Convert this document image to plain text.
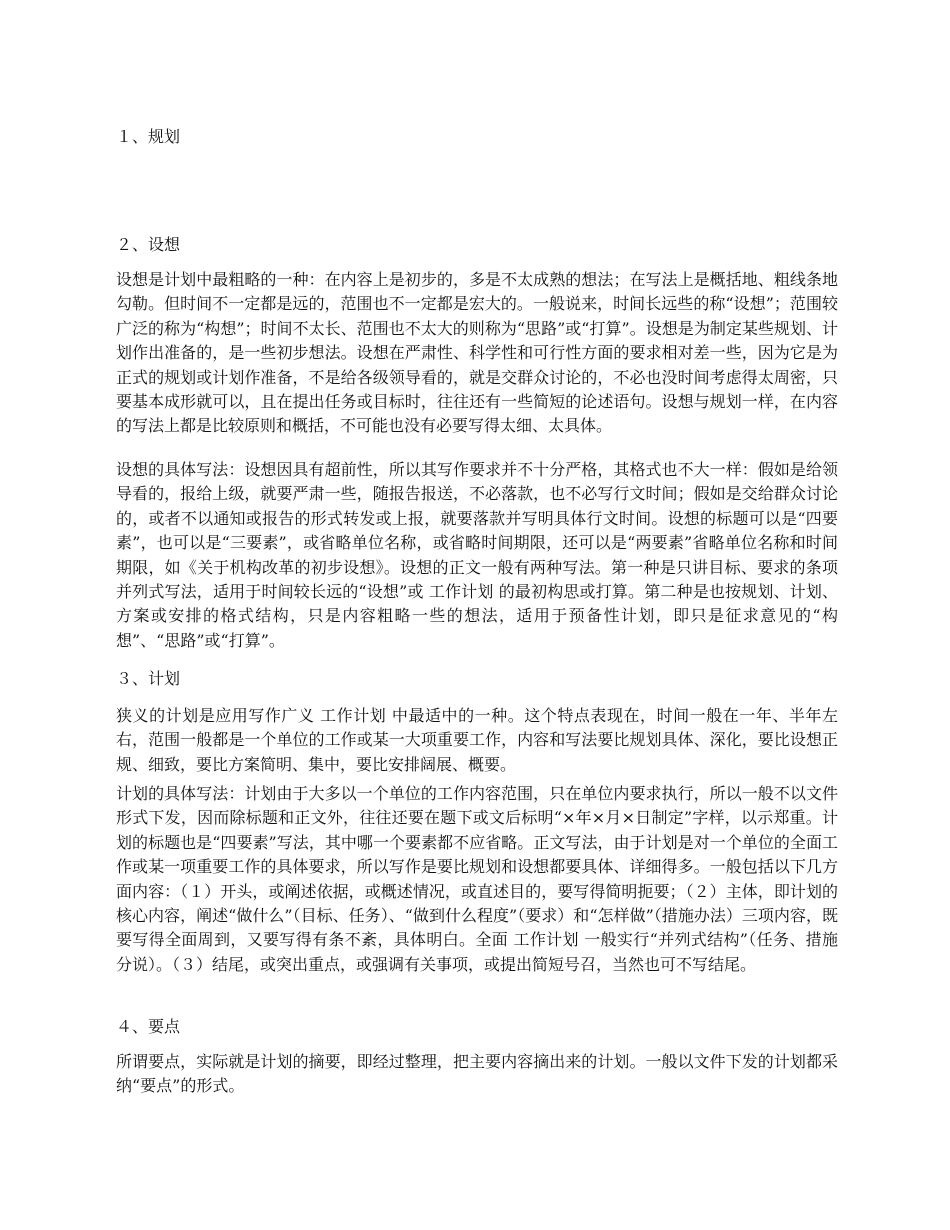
１、规划
２、设想

设想是计划中最粗略的一种：在内容上是初步的，多是不太成熟的想法；在写法上是概括地、粗线条地勾勒。但时间不一定都是远的，范围也不一定都是宏大的。一般说来，时间长远些的称“设想”；范围较广泛的称为“构想”；时间不太长、范围也不太大的则称为“思路”或“打算”。设想是为制定某些规划、计划作出准备的，是一些初步想法。设想在严肃性、科学性和可行性方面的要求相对差一些，因为它是为正式的规划或计划作准备，不是给各级领导看的，就是交群众讨论的，不必也没时间考虑得太周密，只要基本成形就可以，且在提出任务或目标时，往往还有一些简短的论述语句。设想与规划一样，在内容的写法上都是比较原则和概括，不可能也没有必要写得太细、太具体。

设想的具体写法：设想因具有超前性，所以其写作要求并不十分严格，其格式也不大一样：假如是给领导看的，报给上级，就要严肃一些，随报告报送，不必落款，也不必写行文时间；假如是交给群众讨论的，或者不以通知或报告的形式转发或上报，就要落款并写明具体行文时间。设想的标题可以是“四要素”，也可以是“三要素”，或省略单位名称，或省略时间期限，还可以是“两要素”省略单位名称和时间期限，如《关于机构改革的初步设想》。设想的正文一般有两种写法。第一种是只讲目标、要求的条项并列式写法，适用于时间较长远的“设想”或 工作计划 的最初构思或打算。第二种是也按规划、计划、方案或安排的格式结构，只是内容粗略一些的想法，适用于预备性计划，即只是征求意见的“构想”、“思路”或“打算”。

３、计划

狭义的计划是应用写作广义 工作计划 中最适中的一种。这个特点表现在，时间一般在一年、半年左右，范围一般都是一个单位的工作或某一大项重要工作，内容和写法要比规划具体、深化，要比设想正规、细致，要比方案简明、集中，要比安排阔展、概要。

计划的具体写法：计划由于大多以一个单位的工作内容范围，只在单位内要求执行，所以一般不以文件形式下发，因而除标题和正文外，往往还要在题下或文后标明“×年×月×日制定”字样，以示郑重。计划的标题也是“四要素”写法，其中哪一个要素都不应省略。正文写法，由于计划是对一个单位的全面工作或某一项重要工作的具体要求，所以写作是要比规划和设想都要具体、详细得多。一般包括以下几方面内容：（１）开头，或阐述依据，或概述情况，或直述目的，要写得简明扼要；（２）主体，即计划的核心内容，阐述“做什么”（目标、任务）、“做到什么程度”（要求）和“怎样做”（措施办法）三项内容，既要写得全面周到，又要写得有条不紊，具体明白。全面 工作计划 一般实行“并列式结构”（任务、措施分说）。（３）结尾，或突出重点，或强调有关事项，或提出简短号召，当然也可不写结尾。

４、要点

所谓要点，实际就是计划的摘要，即经过整理，把主要内容摘出来的计划。一般以文件下发的计划都采纳“要点”的形式。
